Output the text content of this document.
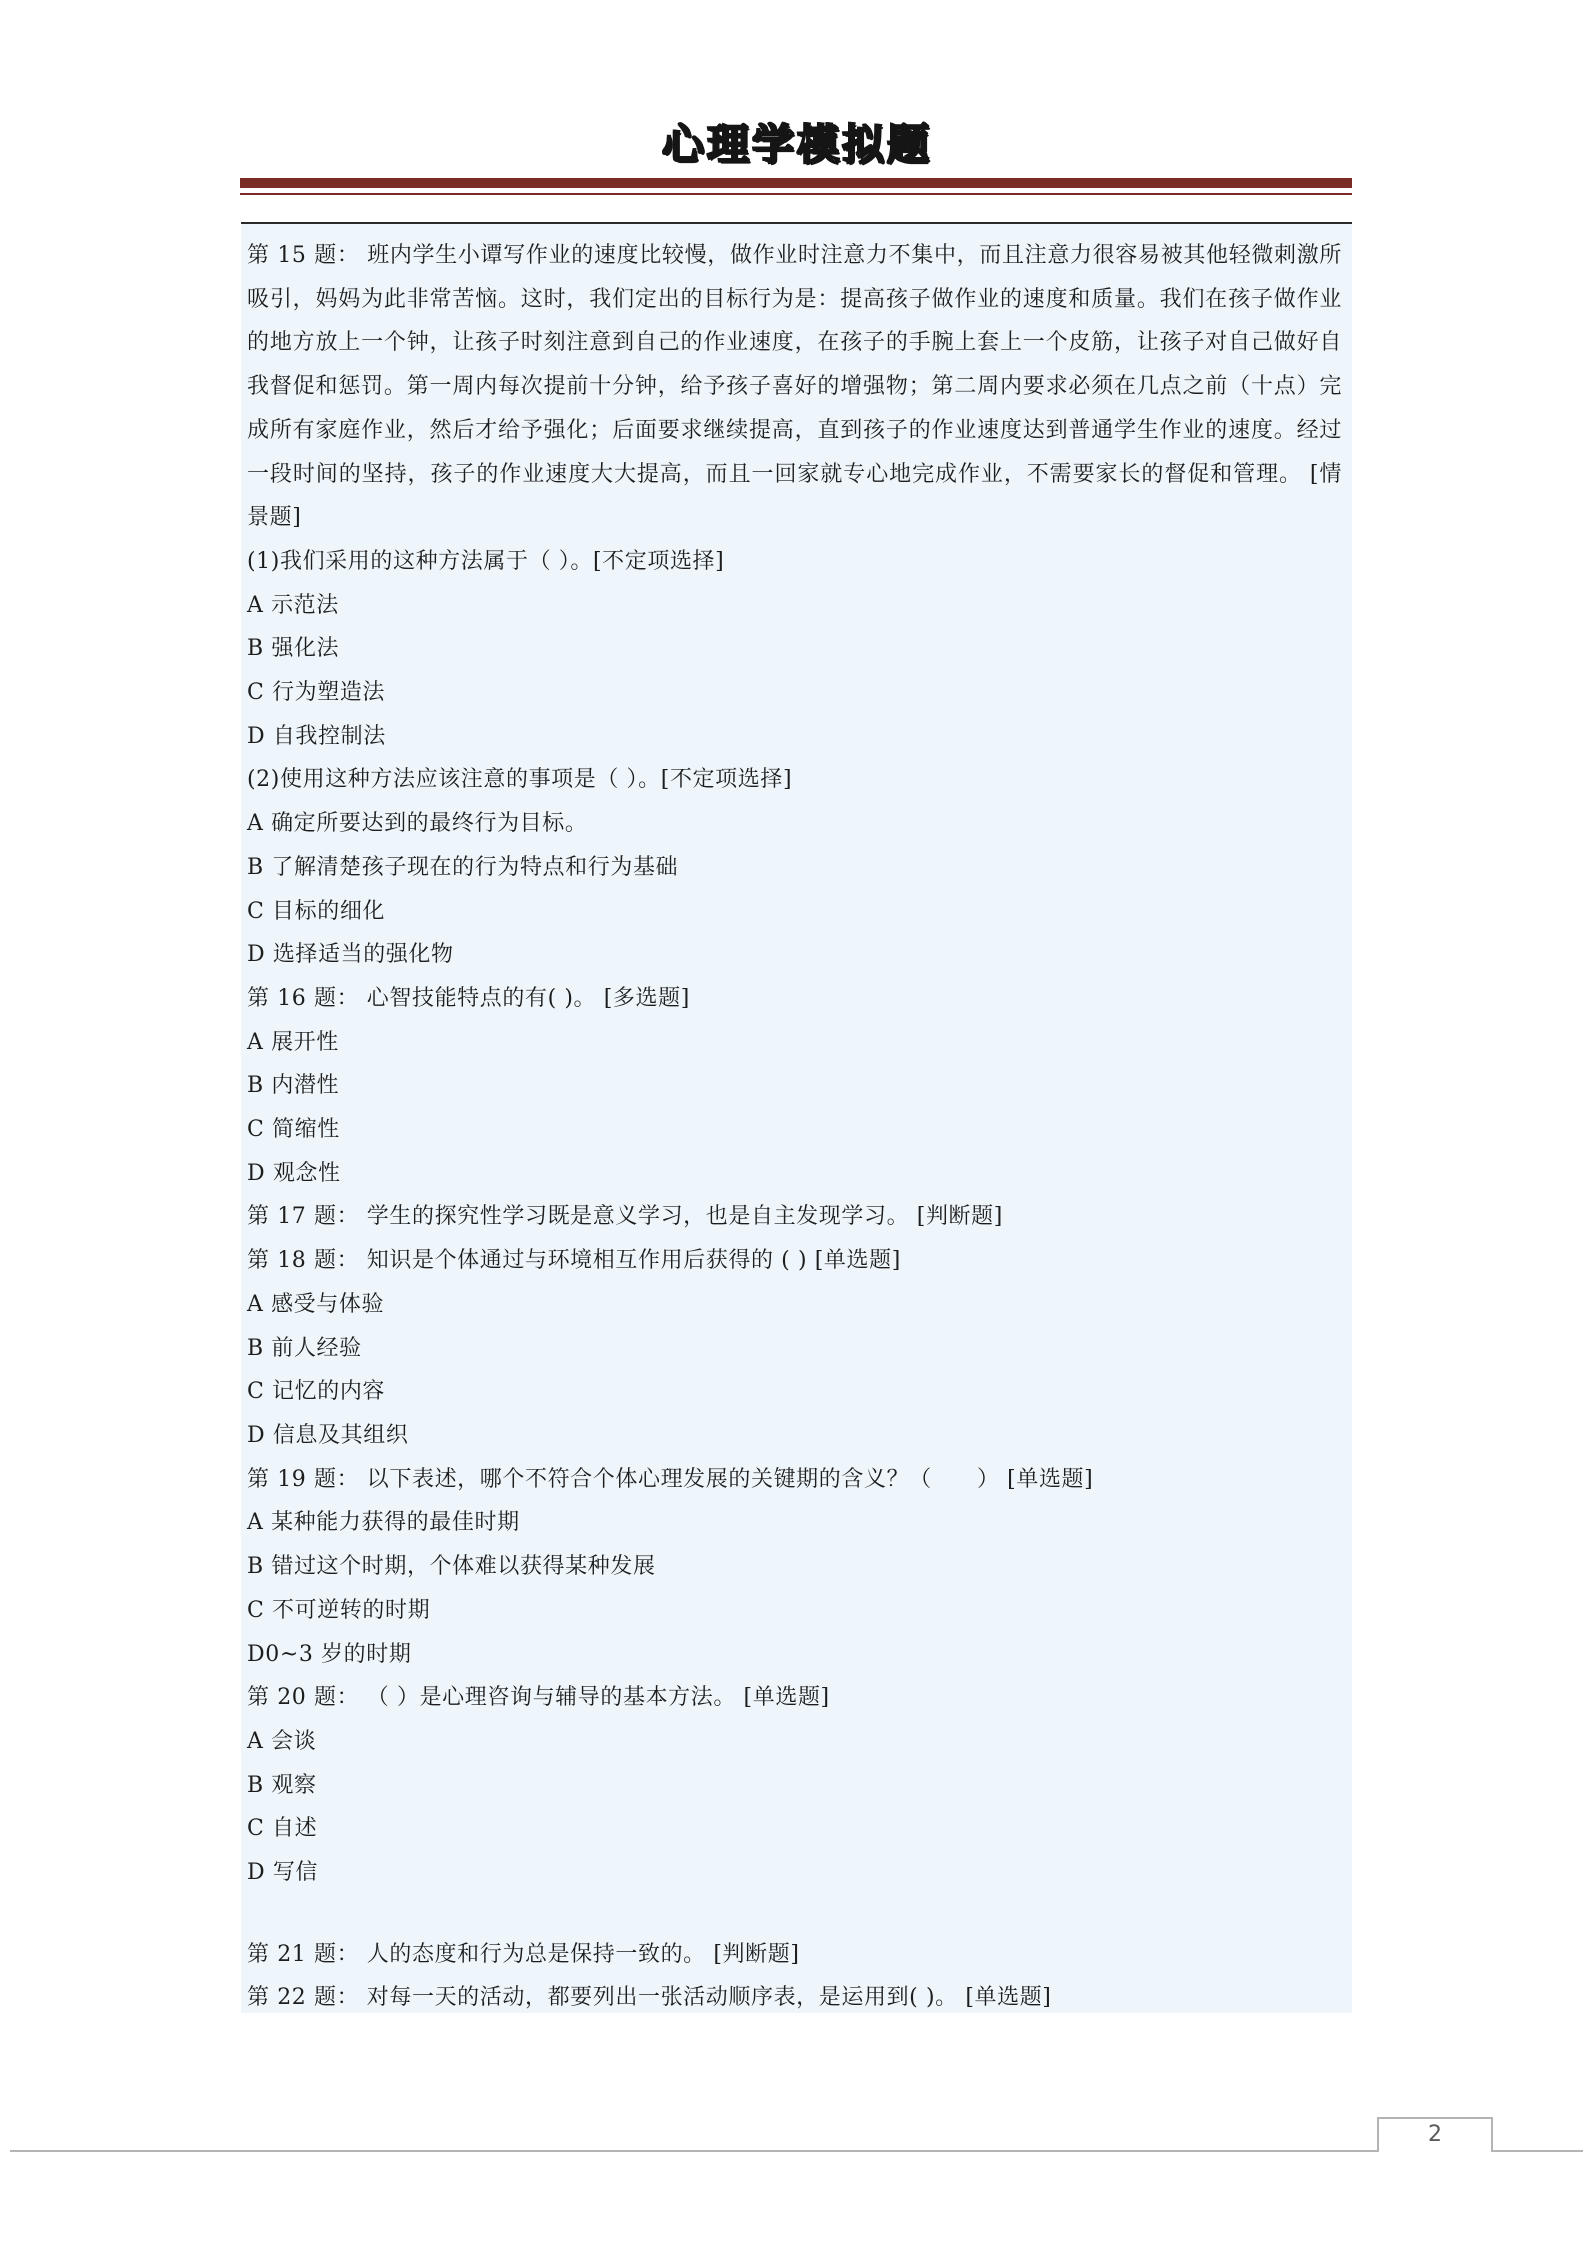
心理学模拟题
第 15 题： 班内学生小谭写作业的速度比较慢，做作业时注意力不集中，而且注意力很容易被其他轻微刺激所吸引，妈妈为此非常苦恼。这时，我们定出的目标行为是：提高孩子做作业的速度和质量。我们在孩子做作业的地方放上一个钟，让孩子时刻注意到自己的作业速度，在孩子的手腕上套上一个皮筋，让孩子对自己做好自我督促和惩罚。第一周内每次提前十分钟，给予孩子喜好的增强物；第二周内要求必须在几点之前（十点）完成所有家庭作业，然后才给予强化；后面要求继续提高，直到孩子的作业速度达到普通学生作业的速度。经过一段时间的坚持，孩子的作业速度大大提高，而且一回家就专心地完成作业，不需要家长的督促和管理。 [情景题]
(1)我们采用的这种方法属于（ ）。[不定项选择]
A 示范法
B 强化法
C 行为塑造法
D 自我控制法
(2)使用这种方法应该注意的事项是（ ）。[不定项选择]
A 确定所要达到的最终行为目标。
B 了解清楚孩子现在的行为特点和行为基础
C 目标的细化
D 选择适当的强化物
第 16 题： 心智技能特点的有( )。 [多选题]
A 展开性
B 内潜性
C 简缩性
D 观念性
第 17 题： 学生的探究性学习既是意义学习，也是自主发现学习。 [判断题]
第 18 题： 知识是个体通过与环境相互作用后获得的 ( ) [单选题]
A 感受与体验
B 前人经验
C 记忆的内容
D 信息及其组织
第 19 题： 以下表述，哪个不符合个体心理发展的关键期的含义？（　　） [单选题]
A 某种能力获得的最佳时期
B 错过这个时期，个体难以获得某种发展
C 不可逆转的时期
D0~3 岁的时期
第 20 题： （ ）是心理咨询与辅导的基本方法。 [单选题]
A 会谈
B 观察
C 自述
D 写信
第 21 题： 人的态度和行为总是保持一致的。 [判断题]
第 22 题： 对每一天的活动，都要列出一张活动顺序表，是运用到( )。 [单选题]
2
